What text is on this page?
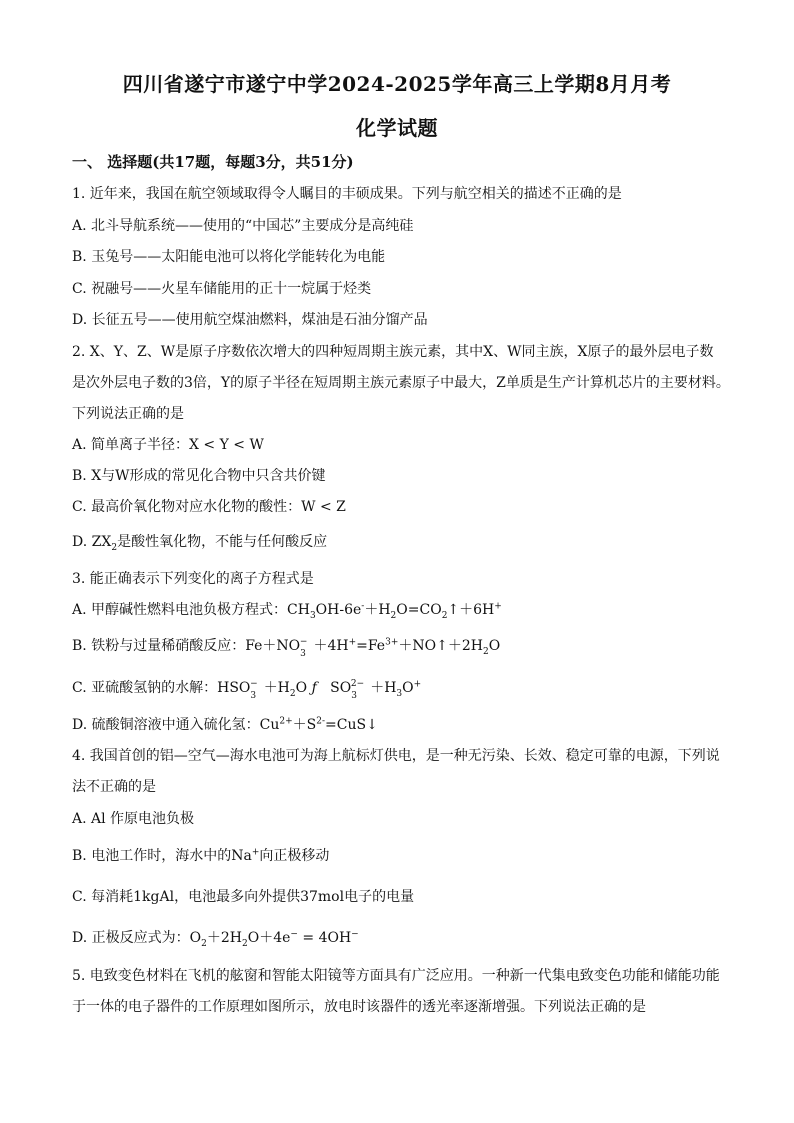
四川省遂宁市遂宁中学2024-2025学年高三上学期8月月考
化学试题
一、 选择题(共17题，每题3分，共51分)
1. 近年来，我国在航空领域取得令人瞩目的丰硕成果。下列与航空相关的描述不正确的是
A. 北斗导航系统——使用的“中国芯”主要成分是高纯硅
B. 玉兔号——太阳能电池可以将化学能转化为电能
C. 祝融号——火星车储能用的正十一烷属于烃类
D. 长征五号——使用航空煤油燃料，煤油是石油分馏产品
2. X、Y、Z、W是原子序数依次增大的四种短周期主族元素，其中X、W同主族，X原子的最外层电子数
是次外层电子数的3倍，Y的原子半径在短周期主族元素原子中最大，Z单质是生产计算机芯片的主要材料。
下列说法正确的是
A. 简单离子半径：X < Y < W
B. X与W形成的常见化合物中只含共价键
C. 最高价氧化物对应水化物的酸性：W < Z
D. $ZX_2$是酸性氧化物，不能与任何酸反应
3. 能正确表示下列变化的离子方程式是
A. 甲醇碱性燃料电池负极方程式：$CH_3OH-6e^-+H_2O=CO_2↑+6H^+$
B. 铁粉与过量稀硝酸反应：$Fe+NO_3^-$ $+4H^+=Fe^{3+}+NO↑+2H_2O$
C. 亚硫酸氢钠的水解：$HSO_3^- +H_2O$ ƒ   $SO_3^{2-} +H_3O^+$
D. 硫酸铜溶液中通入硫化氢：$Cu^{2+}+S^{2-}=CuS↓$
4. 我国首创的铝—空气—海水电池可为海上航标灯供电，是一种无污染、长效、稳定可靠的电源，下列说
法不正确的是
A. Al 作原电池负极
B. 电池工作时，海水中的Na+向正极移动
C. 每消耗1kgAl，电池最多向外提供37mol电子的电量
D. 正极反应式为：$O_2+2H_2O+4e^- = 4OH^-$
5. 电致变色材料在飞机的舷窗和智能太阳镜等方面具有广泛应用。一种新一代集电致变色功能和储能功能
于一体的电子器件的工作原理如图所示，放电时该器件的透光率逐渐增强。下列说法正确的是
